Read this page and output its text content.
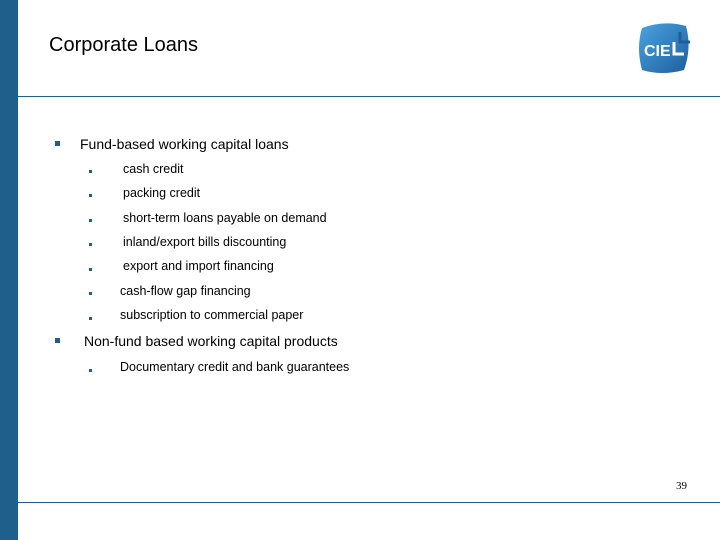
Corporate Loans	CIE
Fund-based working capital loans
cash credit
packing credit
short-term loans payable on demand
inland/export bills discounting
export and import financing
cash-flow gap financing
subscription to commercial paper
Non-fund based working capital products
Documentary credit and bank guarantees
39
